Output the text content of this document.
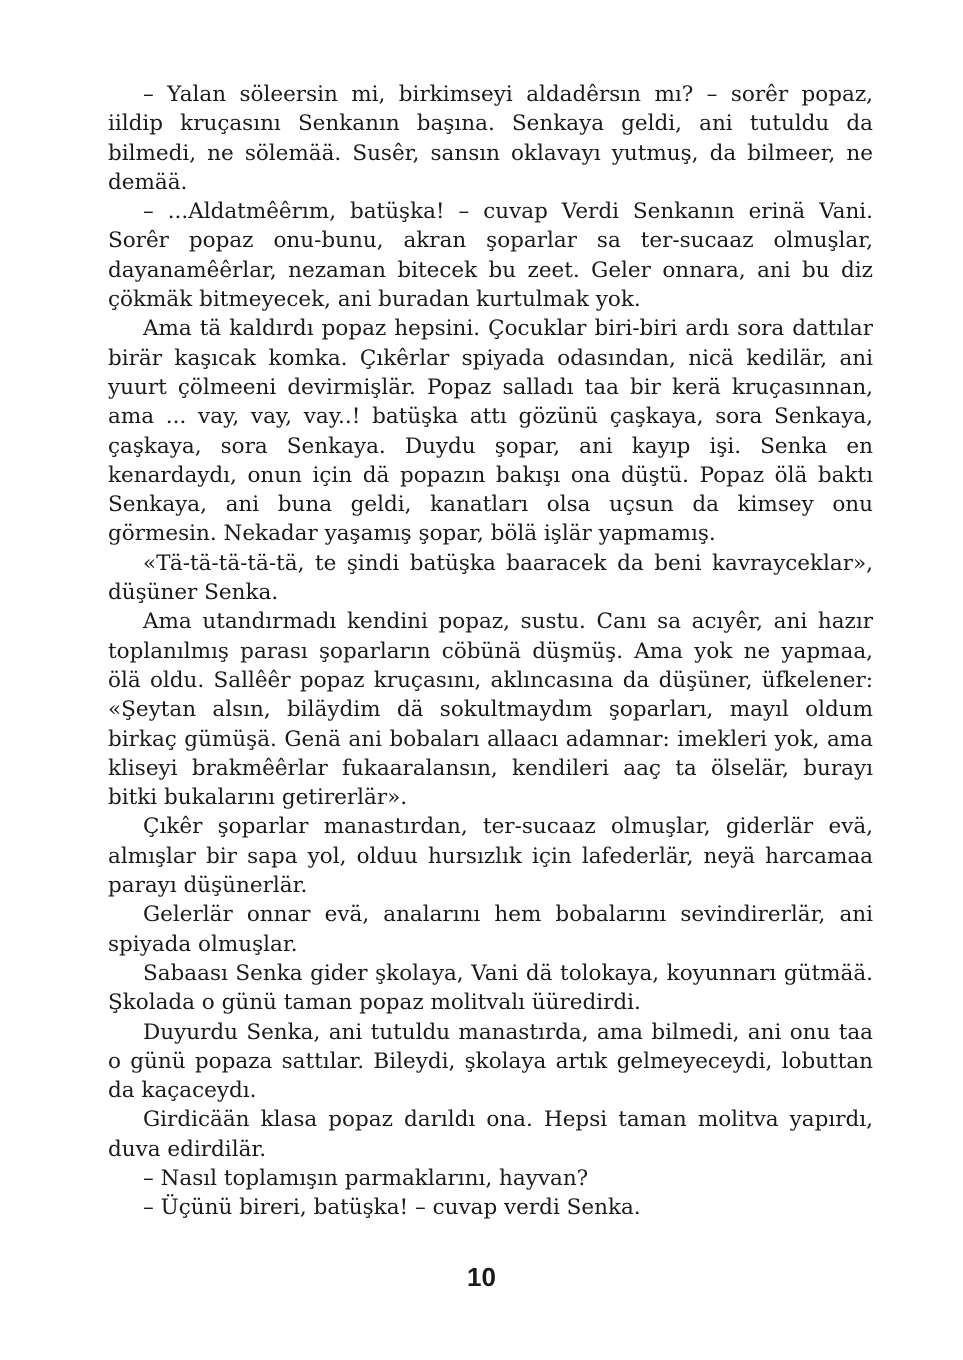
– Yalan söleersin mi, birkimseyi aldadêrsın mı? – sorêr popaz, iildip kruçasını Senkanın başına. Senkaya geldi, ani tutuldu da bilmedi, ne sölemää. Susêr, sansın oklavayı yutmuş, da bilmeer, ne demää.

– ...Aldatmêêrım, batüşka! – cuvap Verdi Senkanın erinä Vani. Sorêr popaz onu-bunu, akran şoparlar sa ter-sucaaz olmuşlar, dayanamêêrlar, nezaman bitecek bu zeet. Geler onnara, ani bu diz çökmäk bitmeyecek, ani buradan kurtulmak yok.

Ama tä kaldırdı popaz hepsini. Çocuklar biri-biri ardı sora dattılar birär kaşıcak komka. Çıkêrlar spiyada odasından, nicä kedilär, ani yuurt çölmeeni devirmişlär. Popaz salladı taa bir kerä kruçasınnan, ama ... vay, vay, vay..! batüşka attı gözünü çaşkaya, sora Senkaya, çaşkaya, sora Senkaya. Duydu şopar, ani kayıp işi. Senka en kenardaydı, onun için dä popazın bakışı ona düştü. Popaz ölä baktı Senkaya, ani buna geldi, kanatları olsa uçsun da kimsey onu görmesin. Nekadar yaşamış şopar, bölä işlär yapmamış.

«Tä-tä-tä-tä-tä, te şindi batüşka baaracek da beni kavrayceklar», düşüner Senka.

Ama utandırmadı kendini popaz, sustu. Canı sa acıyêr, ani hazır toplanılmış parası şoparların cöbünä düşmüş. Ama yok ne yapmaa, ölä oldu. Sallêêr popaz kruçasını, aklıncasına da düşüner, üfkelener: «Şeytan alsın, biläydim dä sokultmaydım şoparları, mayıl oldum birkaç gümüşä. Genä ani bobaları allaacı adamnar: imekleri yok, ama kliseyi brakmêêrlar fukaaralansın, kendileri aaç ta ölselär, burayı bitki bukalarını getirerlär».

Çıkêr şoparlar manastırdan, ter-sucaaz olmuşlar, giderlär evä, almışlar bir sapa yol, olduu hursızlık için lafederlär, neyä harcamaa parayı düşünerlär.

Gelerlär onnar evä, analarını hem bobalarını sevindirerlär, ani spiyada olmuşlar.

Sabaası Senka gider şkolaya, Vani dä tolokaya, koyunnarı gütmää. Şkolada o günü taman popaz molitvalı üüredirdi.

Duyurdu Senka, ani tutuldu manastırda, ama bilmedi, ani onu taa o günü popaza sattılar. Bileydi, şkolaya artık gelmeyeceydi, lobuttan da kaçaceydı.

Girdicään klasa popaz darıldı ona. Hepsi taman molitva yapırdı, duva edirdilär.

– Nasıl toplamışın parmaklarını, hayvan?

– Üçünü bireri, batüşka! – cuvap verdi Senka.

10
